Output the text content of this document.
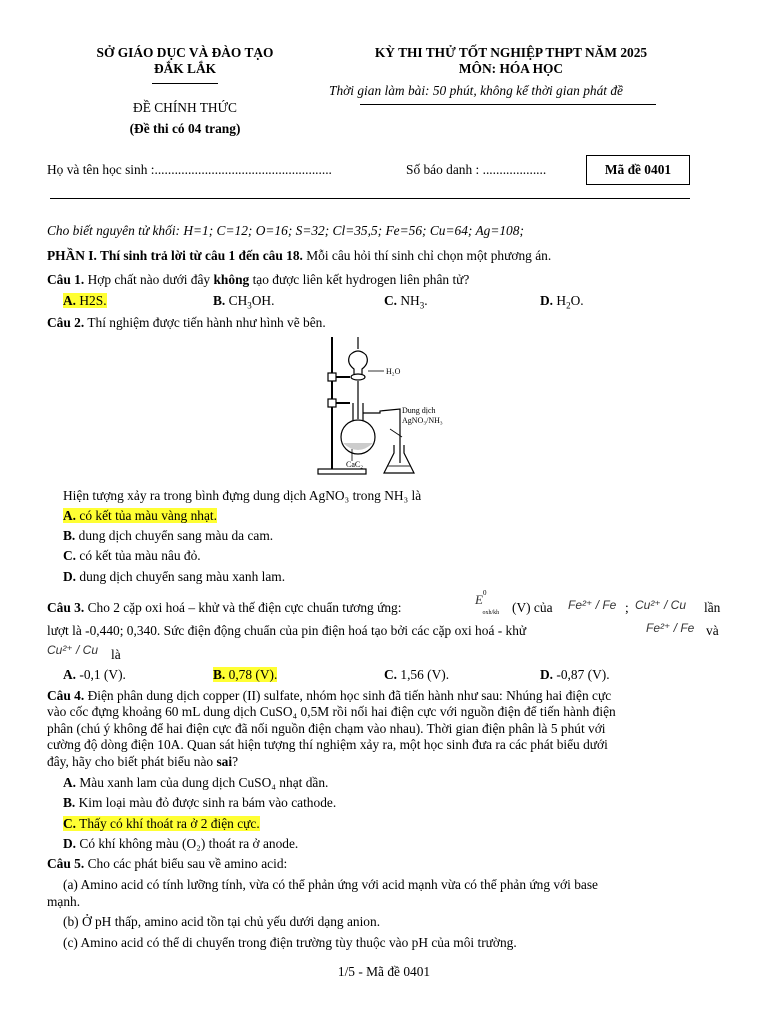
SỞ GIÁO DỤC VÀ ĐÀO TẠO
ĐẮK LẮK
ĐỀ CHÍNH THỨC
(Đề thi có 04 trang)
KỲ THI THỬ TỐT NGHIỆP THPT NĂM 2025
MÔN: HÓA HỌC
Thời gian làm bài: 50 phút, không kể thời gian phát đề
Họ và tên học sinh :.....................................................	Số báo danh : ...................	Mã đề 0401
Cho biết nguyên tử khối: H=1; C=12; O=16; S=32; Cl=35,5; Fe=56; Cu=64; Ag=108;
PHẦN I. Thí sinh trả lời từ câu 1 đến câu 18. Mỗi câu hỏi thí sinh chỉ chọn một phương án.
Câu 1. Hợp chất nào dưới đây không tạo được liên kết hydrogen liên phân tử?
A. H2S.	B. $CH_3OH$.	C. $NH_3$.	D. $H_2O$.
Câu 2. Thí nghiệm được tiến hành như hình vẽ bên.
H₂O
Dung dịch
AgNO₃/NH₃
CaC₂
Hiện tượng xảy ra trong bình đựng dung dịch AgNO₃ trong NH₃ là
A. có kết tủa màu vàng nhạt.
B. dung dịch chuyển sang màu da cam.
C. có kết tủa màu nâu đỏ.
D. dung dịch chuyển sang màu xanh lam.
Câu 3. Cho 2 cặp oxi hoá – khử và thế điện cực chuẩn tương ứng:
$E^0_{oxh/kh}$ (V) của Fe²⁺ / Fe ; Cu²⁺ / Cu lần
lượt là -0,440; 0,340. Sức điện động chuẩn của pin điện hoá tạo bởi các cặp oxi hoá - khử	Fe²⁺ / Fe và
Cu²⁺ / Cu là
A. -0,1 (V).	B. 0,78 (V).	C. 1,56 (V).	D. -0,87 (V).
Câu 4. Điện phân dung dịch copper (II) sulfate, nhóm học sinh đã tiến hành như sau: Nhúng hai điện cực
vào cốc đựng khoảng 60 mL dung dịch CuSO₄ 0,5M rồi nối hai điện cực với nguồn điện để tiến hành điện
phân (chú ý không để hai điện cực đã nối nguồn điện chạm vào nhau). Thời gian điện phân là 5 phút với
cường độ dòng điện 10A. Quan sát hiện tượng thí nghiệm xảy ra, một học sinh đưa ra các phát biểu dưới
đây, hãy cho biết phát biểu nào sai?
A. Màu xanh lam của dung dịch CuSO₄ nhạt dần.
B. Kim loại màu đỏ được sinh ra bám vào cathode.
C. Thấy có khí thoát ra ở 2 điện cực.
D. Có khí không màu (O₂) thoát ra ở anode.
Câu 5. Cho các phát biểu sau về amino acid:
(a) Amino acid có tính lưỡng tính, vừa có thể phản ứng với acid mạnh vừa có thể phản ứng với base
mạnh.
(b) Ở pH thấp, amino acid tồn tại chủ yếu dưới dạng anion.
(c) Amino acid có thể di chuyển trong điện trường tùy thuộc vào pH của môi trường.
1/5 - Mã đề 0401
